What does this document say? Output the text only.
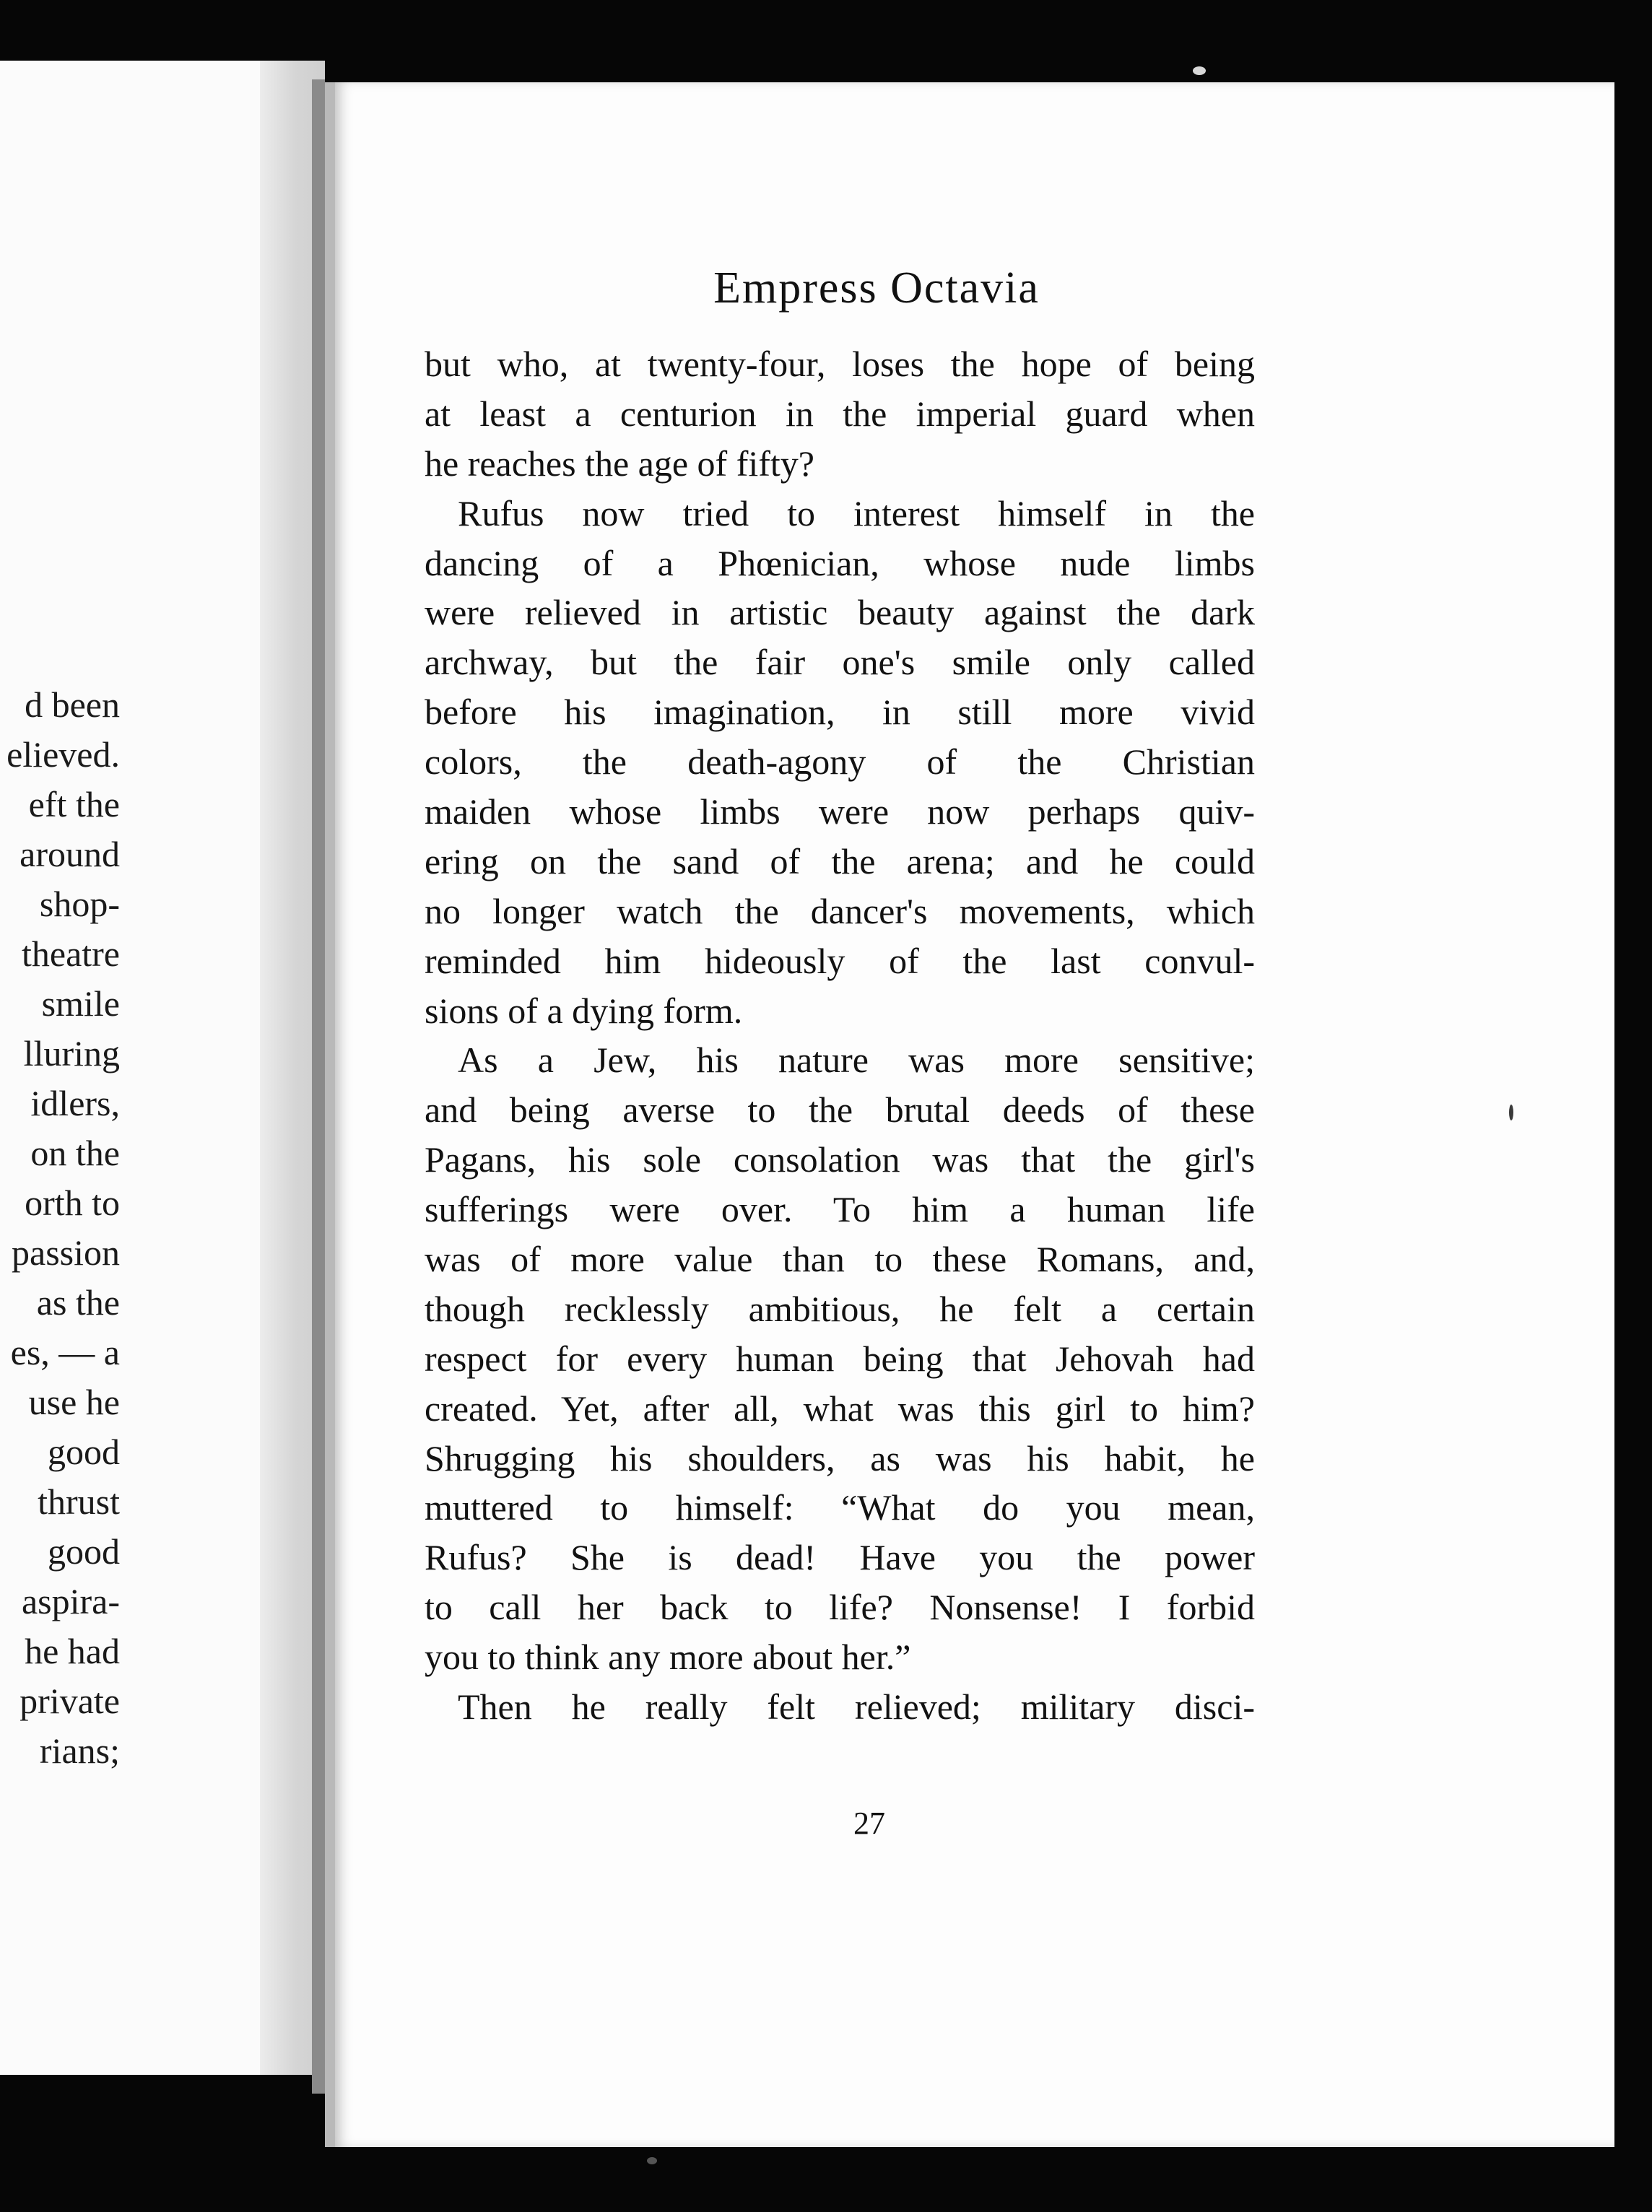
d been
elieved.
eft the
around
shop-
theatre
smile
lluring
idlers,
on the
orth to
passion
as the
es, — a
use he
good
thrust
good
aspira-
he had
private
rians;
Empress Octavia
but who, at twenty-four, loses the hope of being
at least a centurion in the imperial guard when
he reaches the age of fifty?
Rufus now tried to interest himself in the
dancing of a Phœnician, whose nude limbs
were relieved in artistic beauty against the dark
archway, but the fair one's smile only called
before his imagination, in still more vivid
colors, the death-agony of the Christian
maiden whose limbs were now perhaps quiv-
ering on the sand of the arena; and he could
no longer watch the dancer's movements, which
reminded him hideously of the last convul-
sions of a dying form.
As a Jew, his nature was more sensitive;
and being averse to the brutal deeds of these
Pagans, his sole consolation was that the girl's
sufferings were over. To him a human life
was of more value than to these Romans, and,
though recklessly ambitious, he felt a certain
respect for every human being that Jehovah had
created. Yet, after all, what was this girl to him?
Shrugging his shoulders, as was his habit, he
muttered to himself: “What do you mean,
Rufus? She is dead! Have you the power
to call her back to life? Nonsense! I forbid
you to think any more about her.”
Then he really felt relieved; military disci-

27
